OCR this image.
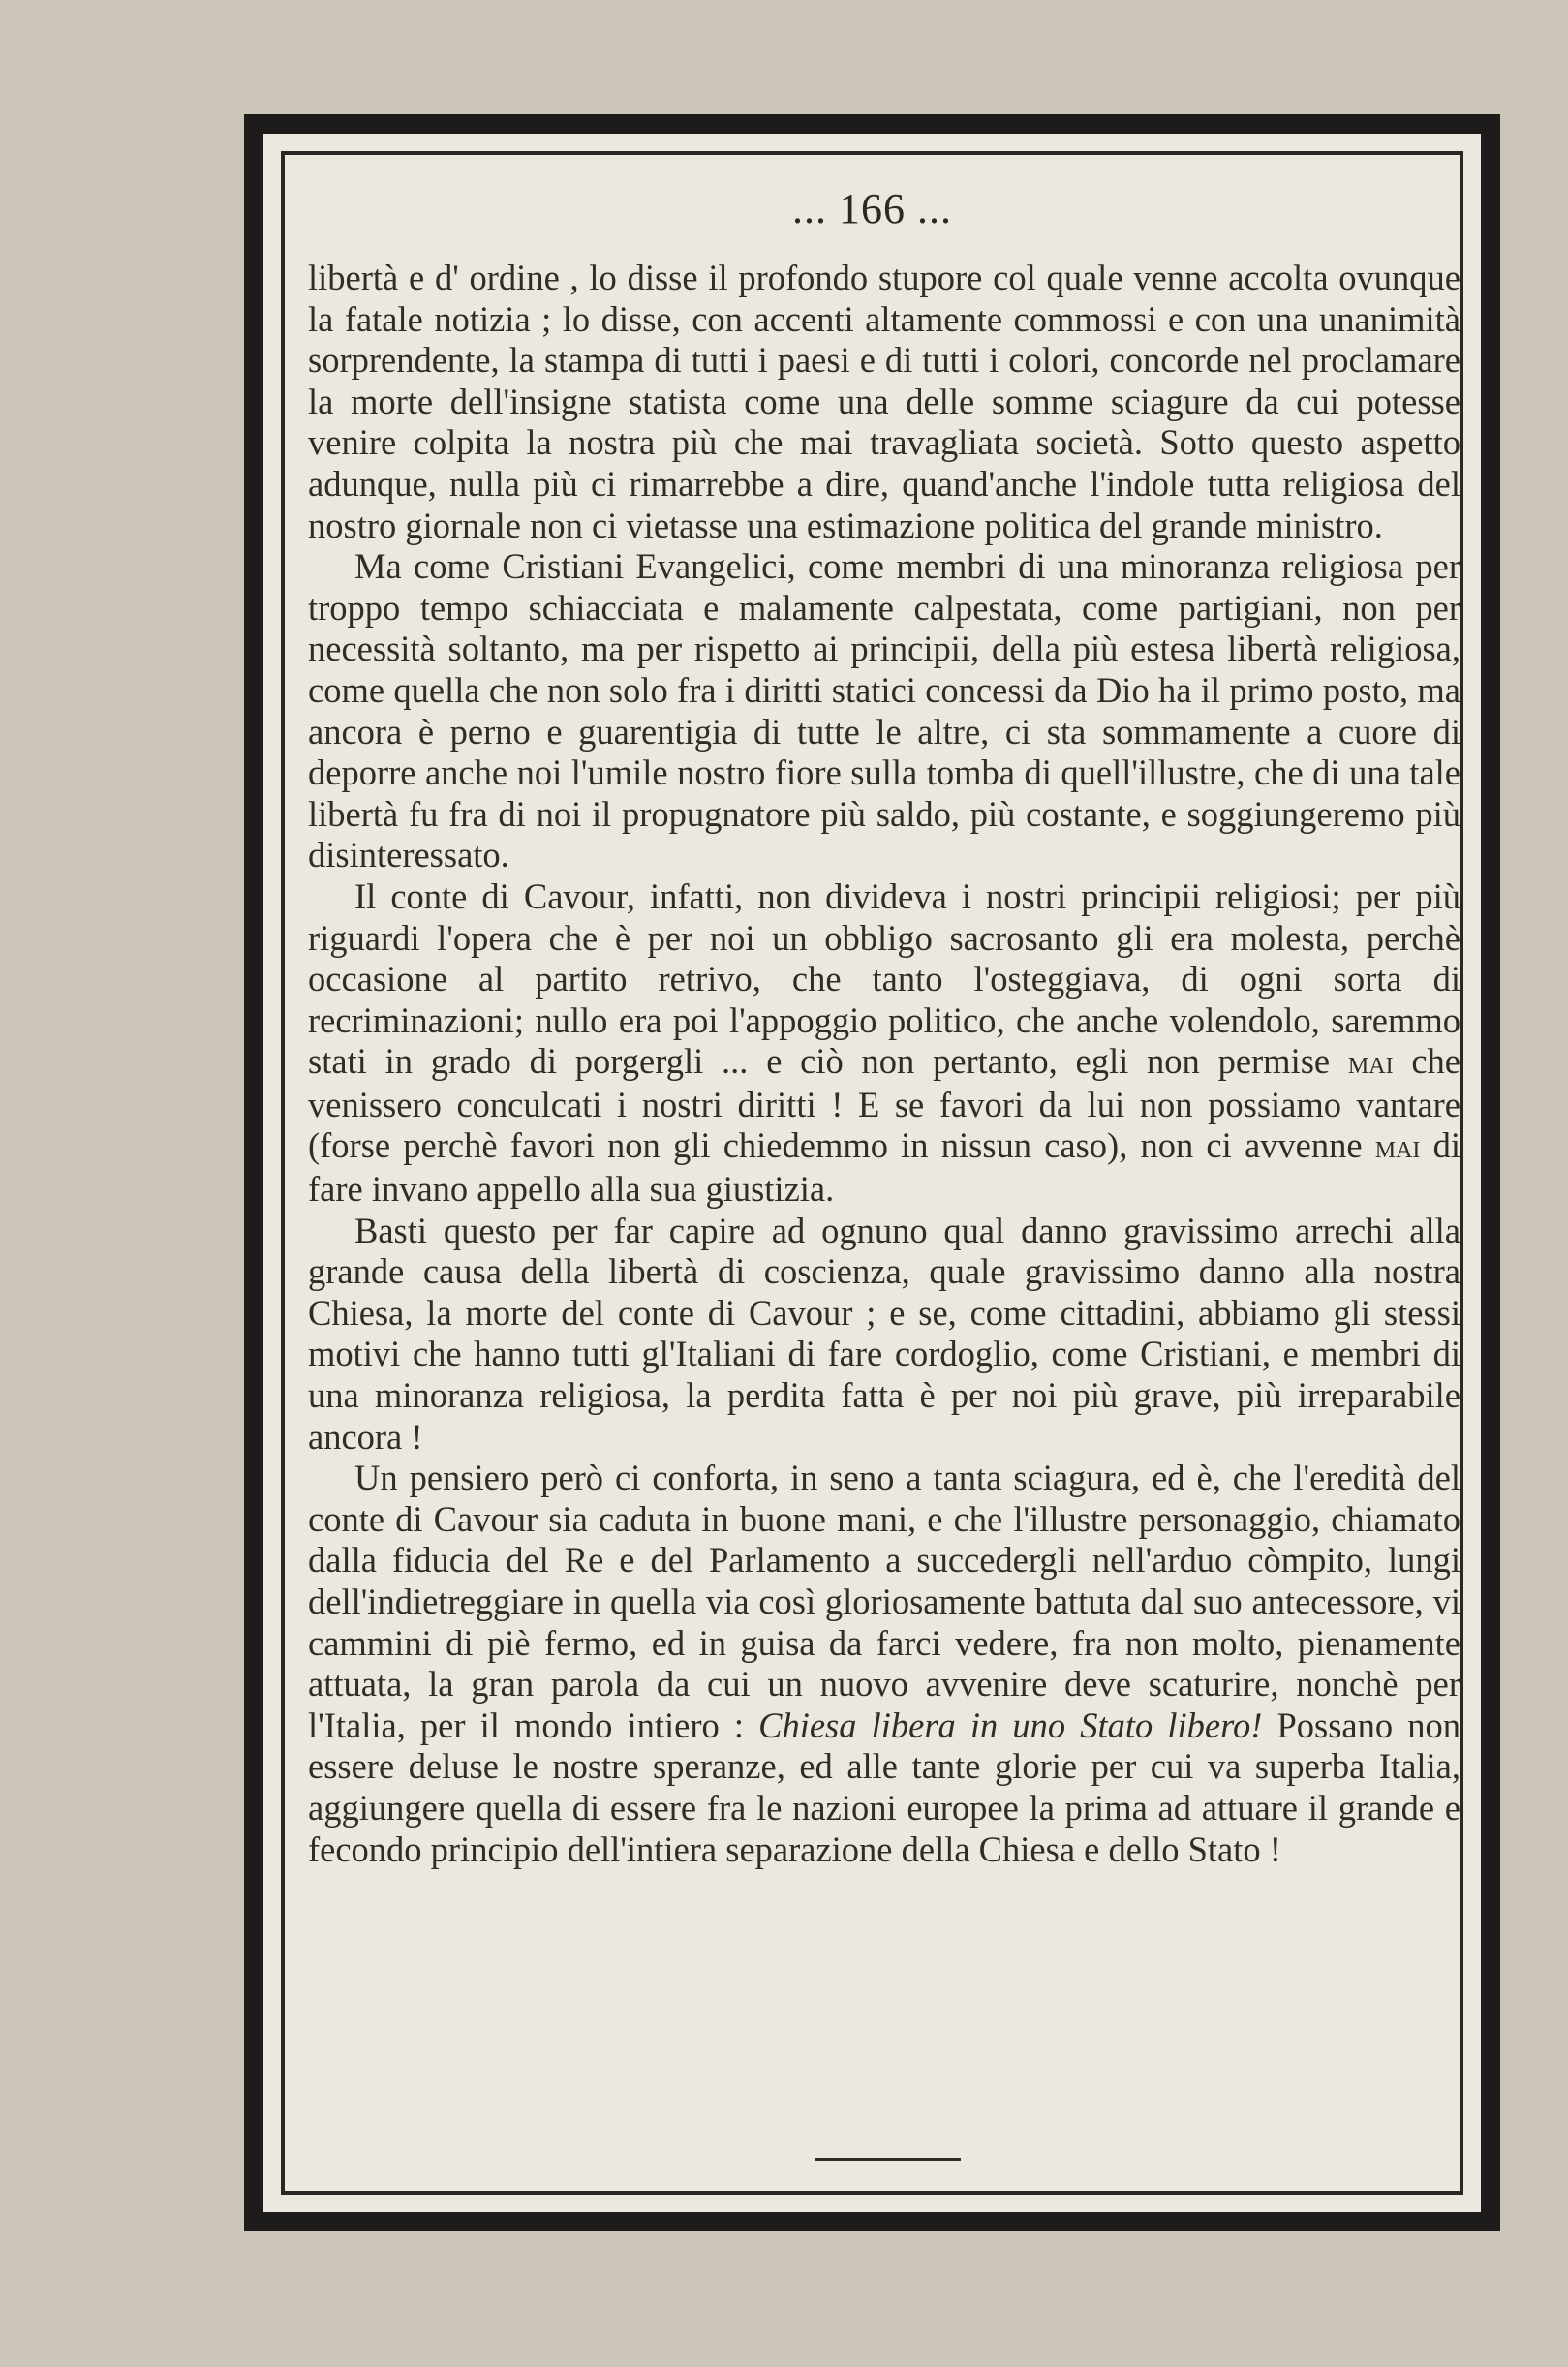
... 166 ...

libertà e d' ordine , lo disse il profondo stupore col quale venne accolta ovunque la fatale notizia ; lo disse, con accenti altamente commossi e con una unanimità sorprendente, la stampa di tutti i paesi e di tutti i colori, concorde nel proclamare la morte dell'insigne statista come una delle somme sciagure da cui potesse venire colpita la nostra più che mai travagliata società. Sotto questo aspetto adunque, nulla più ci rimarrebbe a dire, quand'anche l'indole tutta religiosa del nostro giornale non ci vietasse una estimazione politica del grande ministro.

Ma come Cristiani Evangelici, come membri di una minoranza religiosa per troppo tempo schiacciata e malamente calpestata, come partigiani, non per necessità soltanto, ma per rispetto ai principii, della più estesa libertà religiosa, come quella che non solo fra i diritti statici concessi da Dio ha il primo posto, ma ancora è perno e guarentigia di tutte le altre, ci sta sommamente a cuore di deporre anche noi l'umile nostro fiore sulla tomba di quell'illustre, che di una tale libertà fu fra di noi il propugnatore più saldo, più costante, e soggiungeremo più disinteressato.

Il conte di Cavour, infatti, non divideva i nostri principii religiosi; per più riguardi l'opera che è per noi un obbligo sacrosanto gli era molesta, perchè occasione al partito retrivo, che tanto l'osteggiava, di ogni sorta di recriminazioni; nullo era poi l'appoggio politico, che anche volendolo, saremmo stati in grado di porgergli ... e ciò non pertanto, egli non permise mai che venissero conculcati i nostri diritti ! E se favori da lui non possiamo vantare (forse perchè favori non gli chiedemmo in nissun caso), non ci avvenne mai di fare invano appello alla sua giustizia.

Basti questo per far capire ad ognuno qual danno gravissimo arrechi alla grande causa della libertà di coscienza, quale gravissimo danno alla nostra Chiesa, la morte del conte di Cavour ; e se, come cittadini, abbiamo gli stessi motivi che hanno tutti gl'Italiani di fare cordoglio, come Cristiani, e membri di una minoranza religiosa, la perdita fatta è per noi più grave, più irreparabile ancora !

Un pensiero però ci conforta, in seno a tanta sciagura, ed è, che l'eredità del conte di Cavour sia caduta in buone mani, e che l'illustre personaggio, chiamato dalla fiducia del Re e del Parlamento a succedergli nell'arduo còmpito, lungi dell'indietreggiare in quella via così gloriosamente battuta dal suo antecessore, vi cammini di piè fermo, ed in guisa da farci vedere, fra non molto, pienamente attuata, la gran parola da cui un nuovo avvenire deve scaturire, nonchè per l'Italia, per il mondo intiero : Chiesa libera in uno Stato libero! Possano non essere deluse le nostre speranze, ed alle tante glorie per cui va superba Italia, aggiungere quella di essere fra le nazioni europee la prima ad attuare il grande e fecondo principio dell'intiera separazione della Chiesa e dello Stato !
